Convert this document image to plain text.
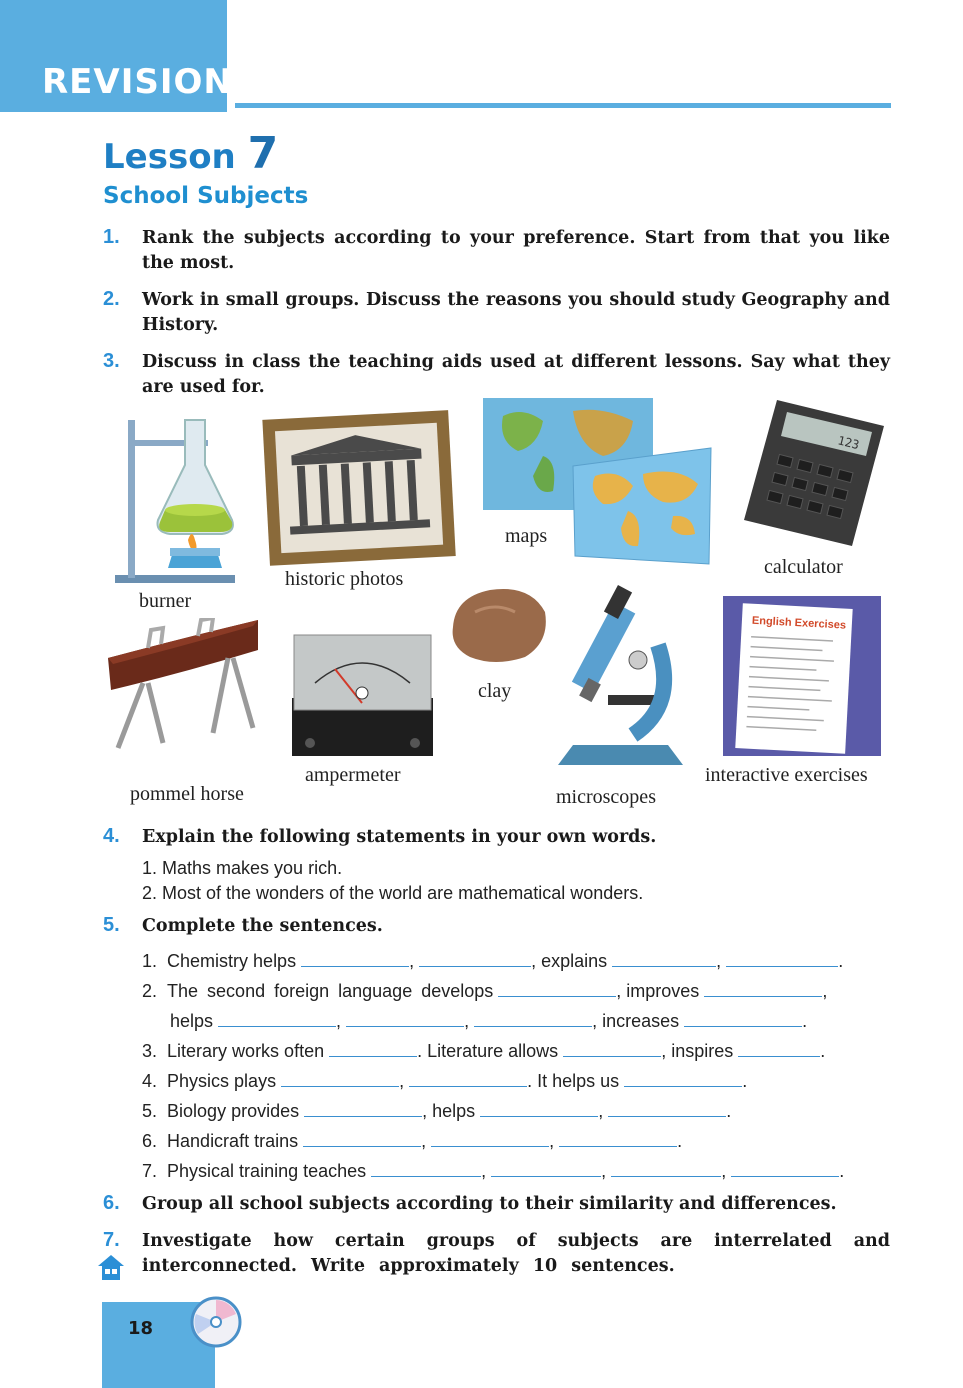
REVISION
Lesson 7
School Subjects
1. Rank the subjects according to your preference. Start from that you like the most.
2. Work in small groups. Discuss the reasons you should study Geography and History.
3. Discuss in class the teaching aids used at different lessons. Say what they are used for.
burner
historic photos
maps
123
calculator
pommel horse
ampermeter
clay
microscopes
English Exercises
interactive exercises
4. Explain the following statements in your own words.
1. Maths makes you rich.
2. Most of the wonders of the world are mathematical wonders.
5. Complete the sentences.
1. Chemistry helps	,	, explains	,	.
2. The second foreign language develops	, improves	,
helps	,	,	, increases	.
3. Literary works often	. Literature allows	, inspires	.
4. Physics plays	,	. It helps us	.
5. Biology provides	, helps	,	.
6. Handicraft trains	,	,	.
7. Physical training teaches	,	,	,	.
6. Group all school subjects according to their similarity and differences.
7. Investigate how certain groups of subjects are interrelated and interconnected. Write approximately 10 sentences.
18
